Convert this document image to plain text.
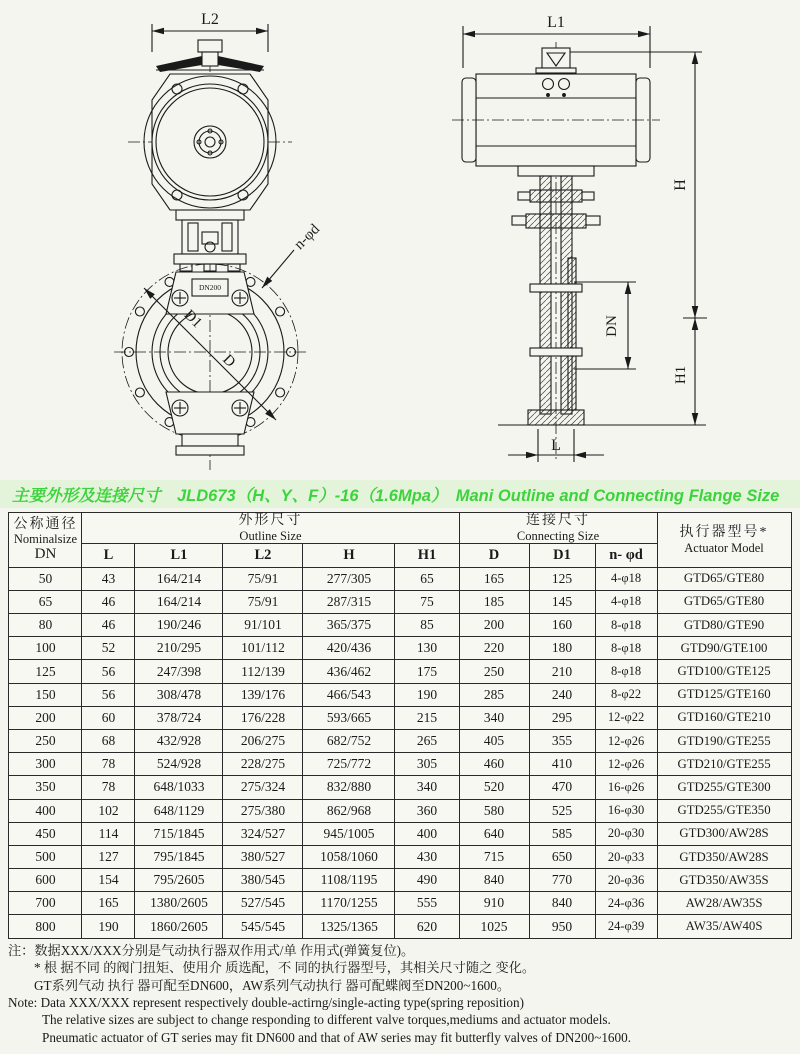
L2
D1
D
n-φd
DN200
L1
H
H1
DN
L
主要外形及连接尺寸　JLD673（H、Y、F）-16（1.6Mpa）　Mani Outline and Connecting Flange Size
公称通径
Nominalsize
DN

外形尺寸
Outline Size

连接尺寸
Connecting Size	执行器型号*
Actuator Model

	L	L1	L2	H	H1	D	D1	n- φd	
50	43	164/214	75/91	277/305	65	165	125	4-φ18	GTD65/GTE80
65	46	164/214	75/91	287/315	75	185	145	4-φ18	GTD65/GTE80
80	46	190/246	91/101	365/375	85	200	160	8-φ18	GTD80/GTE90
100	52	210/295	101/112	420/436	130	220	180	8-φ18	GTD90/GTE100
125	56	247/398	112/139	436/462	175	250	210	8-φ18	GTD100/GTE125
150	56	308/478	139/176	466/543	190	285	240	8-φ22	GTD125/GTE160
200	60	378/724	176/228	593/665	215	340	295	12-φ22	GTD160/GTE210
250	68	432/928	206/275	682/752	265	405	355	12-φ26	GTD190/GTE255
300	78	524/928	228/275	725/772	305	460	410	12-φ26	GTD210/GTE255
350	78	648/1033	275/324	832/880	340	520	470	16-φ26	GTD255/GTE300
400	102	648/1129	275/380	862/968	360	580	525	16-φ30	GTD255/GTE350
450	114	715/1845	324/527	945/1005	400	640	585	20-φ30	GTD300/AW28S
500	127	795/1845	380/527	1058/1060	430	715	650	20-φ33	GTD350/AW28S
600	154	795/2605	380/545	1108/1195	490	840	770	20-φ36	GTD350/AW35S
700	165	1380/2605	527/545	1170/1255	555	910	840	24-φ36	AW28/AW35S
800	190	1860/2605	545/545	1325/1365	620	1025	950	24-φ39	AW35/AW40S
注：数据XXX/XXX分别是气动执行器双作用式/单 作用式(弹簧复位)。
* 根 据不同 的阀门扭矩、使用介 质选配，不 同的执行器型号，其相关尺寸随之 变化。
GT系列气动 执行 器可配至DN600，AW系列气动执行 器可配蝶阀至DN200~1600。
Note: Data XXX/XXX represent respectively double-actirng/single-acting type(spring reposition)
The relative sizes are subject to change responding to different valve torques,mediums and actuator models.
Pneumatic actuator of GT series may fit DN600 and that of AW series may fit butterfly valves of DN200~1600.
